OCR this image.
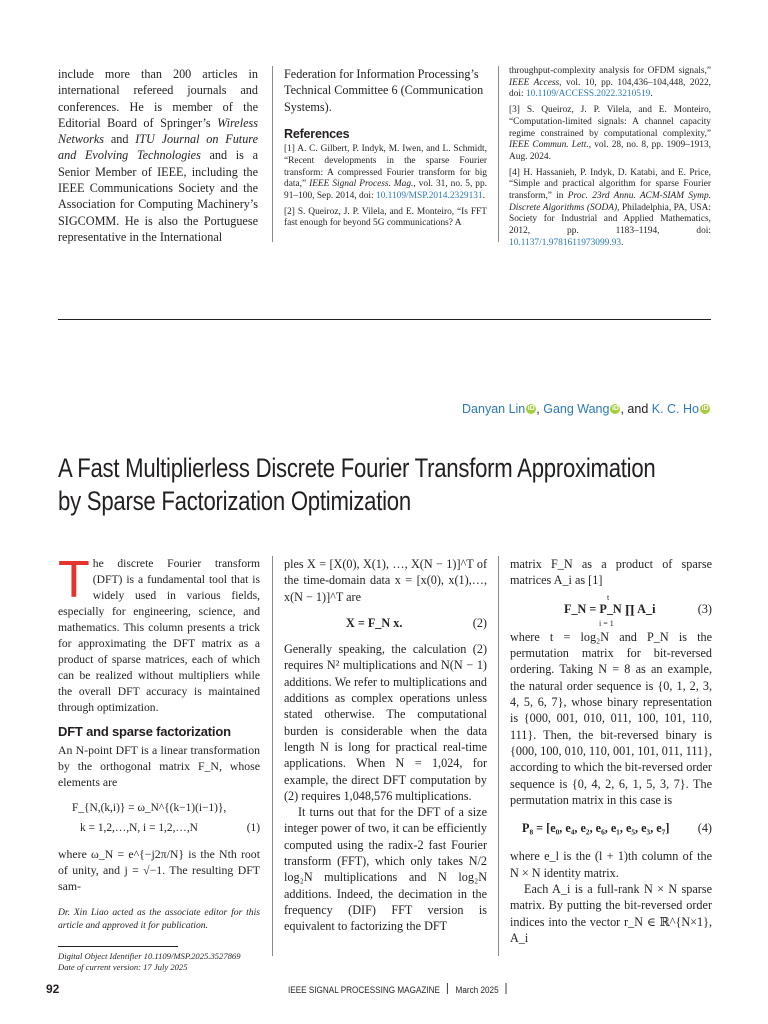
include more than 200 articles in international refereed journals and conferences. He is member of the Editorial Board of Springer’s Wireless Networks and ITU Journal on Future and Evolving Technologies and is a Senior Member of IEEE, including the IEEE Communications Society and the Association for Computing Machinery’s SIGCOMM. He is also the Portuguese representative in the International
Federation for Information Processing’s Technical Committee 6 (Communication Systems).
References

[1] A. C. Gilbert, P. Indyk, M. Iwen, and L. Schmidt, “Recent developments in the sparse Fourier transform: A compressed Fourier transform for big data,” IEEE Signal Process. Mag., vol. 31, no. 5, pp. 91–100, Sep. 2014, doi: 10.1109/MSP.2014.2329131.

[2] S. Queiroz, J. P. Vilela, and E. Monteiro, “Is FFT fast enough for beyond 5G communications? A

throughput-complexity analysis for OFDM signals,” IEEE Access, vol. 10, pp. 104,436–104,448, 2022, doi: 10.1109/ACCESS.2022.3210519.

[3] S. Queiroz, J. P. Vilela, and E. Monteiro, “Computation-limited signals: A channel capacity regime constrained by computational complexity,” IEEE Commun. Lett., vol. 28, no. 8, pp. 1909–1913, Aug. 2024.

[4] H. Hassanieh, P. Indyk, D. Katabi, and E. Price, “Simple and practical algorithm for sparse Fourier transform,” in Proc. 23rd Annu. ACM-SIAM Symp. Discrete Algorithms (SODA), Philadelphia, PA, USA: Society for Industrial and Applied Mathematics, 2012, pp. 1183–1194, doi: 10.1137/1.9781611973099.93.

Danyan Lin iD , Gang Wang iD , and K. C. Ho iD
A Fast Multiplierless Discrete Fourier Transform Approximation
by Sparse Factorization Optimization
The discrete Fourier transform (DFT) is a fundamental tool that is widely used in various fields, especially for engineering, science, and mathematics. This column presents a trick for approximating the DFT matrix as a product of sparse matrices, each of which can be realized without multipliers while the overall DFT accuracy is maintained through optimization.
DFT and sparse factorization
An N-point DFT is a linear transformation by the orthogonal matrix F_N, whose elements are
F_{N,(k,i)} = ω_N^{(k−1)(i−1)},
k = 1,2,…,N, i = 1,2,…,N	(1)
where ω_N = e^{−j2π/N} is the Nth root of unity, and j = √−1. The resulting DFT sam-
Dr. Xin Liao acted as the associate editor for this article and approved it for publication.
Digital Object Identifier 10.1109/MSP.2025.3527869
Date of current version: 17 July 2025
ples X = [X(0), X(1), …, X(N − 1)]^T of the time-domain data x = [x(0), x(1),…, x(N − 1)]^T are
X = F_N x.	(2)
Generally speaking, the calculation (2) requires N² multiplications and N(N − 1) additions. We refer to multiplications and additions as complex operations unless stated otherwise. The computational burden is considerable when the data length N is long for practical real-time applications. When N = 1,024, for example, the direct DFT computation by (2) requires 1,048,576 multiplications.
It turns out that for the DFT of a size integer power of two, it can be efficiently computed using the radix-2 fast Fourier transform (FFT), which only takes N/2 log₂N multiplications and N log₂N additions. Indeed, the decimation in the frequency (DIF) FFT version is equivalent to factorizing the DFT
matrix F_N as a product of sparse matrices A_i as [1]
F_N = P_N ∏ A_i
t
i = 1
(3)
where t = log₂N and P_N is the permutation matrix for bit-reversed ordering. Taking N = 8 as an example, the natural order sequence is {0, 1, 2, 3, 4, 5, 6, 7}, whose binary representation is {000, 001, 010, 011, 100, 101, 110, 111}. Then, the bit-reversed binary is {000, 100, 010, 110, 001, 101, 011, 111}, according to which the bit-reversed order sequence is {0, 4, 2, 6, 1, 5, 3, 7}. The permutation matrix in this case is
P₈ = [e₀, e₄, e₂, e₆, e₁, e₅, e₃, e₇] (4)
where e_l is the (l + 1)th column of the N × N identity matrix.
Each A_i is a full-rank N × N sparse matrix. By putting the bit-reversed order indices into the vector r_N ∈ ℝ^{N×1}, A_i
92	IEEE SIGNAL PROCESSING MAGAZINE March 2025
